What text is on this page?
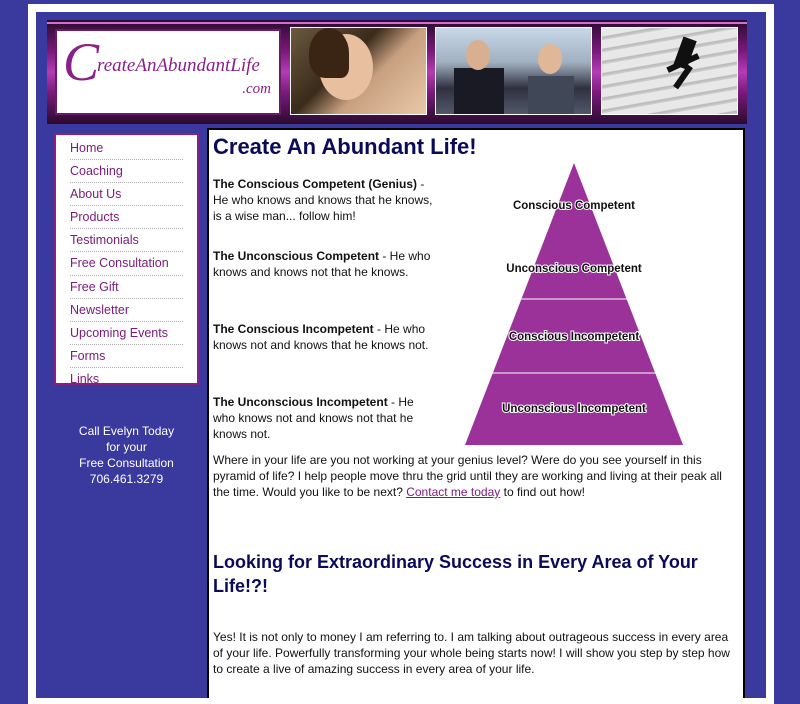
C
reateAnAbundantLife
.com
Home
Coaching
About Us
Products
Testimonials
Free Consultation
Free Gift
Newsletter
Upcoming Events
Forms
Links
Call Evelyn Today
for your
Free Consultation
706.461.3279
Create An Abundant Life!
The Conscious Competent (Genius) - He who knows and knows that he knows, is a wise man... follow him!
The Unconscious Competent - He who knows and knows not that he knows.
The Conscious Incompetent - He who knows not and knows that he knows not.
The Unconscious Incompetent - He who knows not and knows not that he knows not.
Conscious Competent
Unconscious Competent
Conscious Incompetent
Unconscious Incompetent

Where in your life are you not working at your genius level? Were do you see yourself in this pyramid of life? I help people move thru the grid until they are working and living at their peak all the time. Would you like to be next? Contact me today to find out how!

Looking for Extraordinary Success in Every Area of Your Life!?!

Yes! It is not only to money I am referring to. I am talking about outrageous success in every area of your life. Powerfully transforming your whole being starts now! I will show you step by step how to create a live of amazing success in every area of your life.
